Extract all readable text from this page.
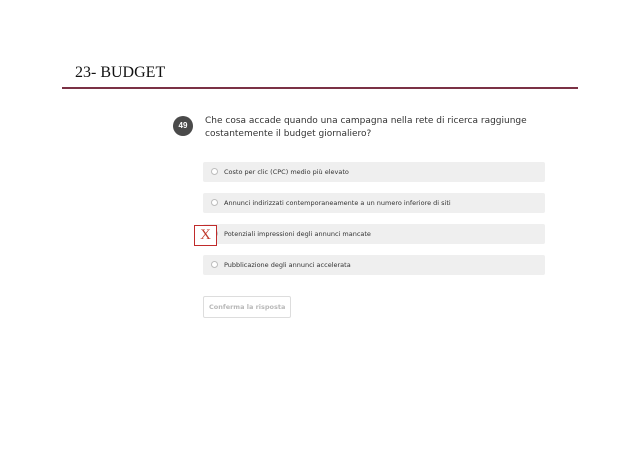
23- BUDGET
49	Che cosa accade quando una campagna nella rete di ricerca raggiunge
costantemente il budget giornaliero?
Costo per clic (CPC) medio più elevato
Annunci indirizzati contemporaneamente a un numero inferiore di siti
Potenziali impressioni degli annunci mancate
Pubblicazione degli annunci accelerata
X
Conferma la risposta
